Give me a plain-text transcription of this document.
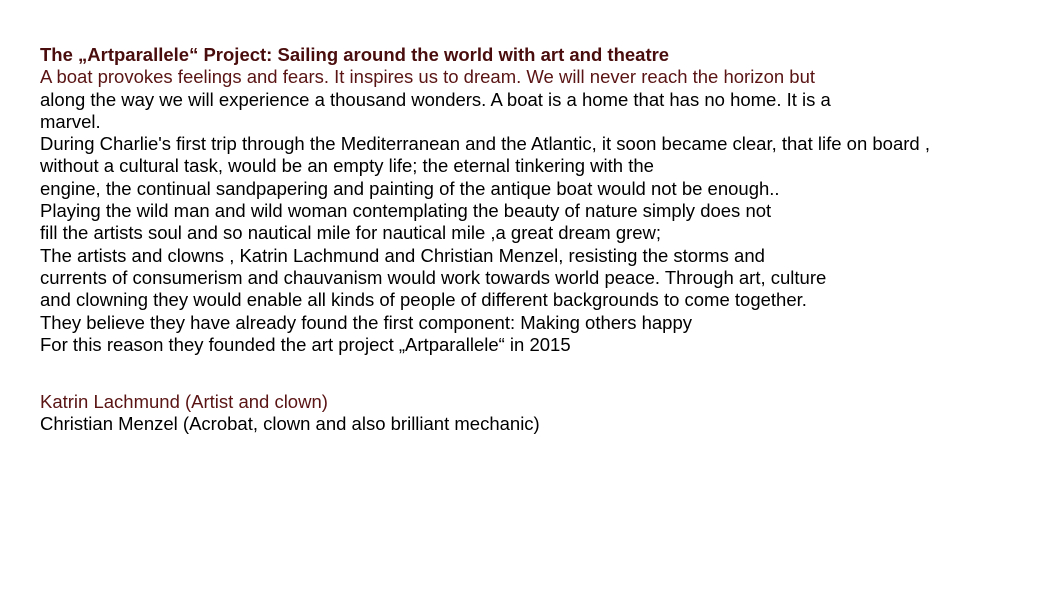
The „Artparallele“ Project: Sailing around the world with art and theatre
A boat provokes feelings and fears. It inspires us to dream. We will never reach the horizon but
along the way we will experience a thousand wonders. A boat is a home that has no home. It is a
marvel.
During Charlie's first trip through the Mediterranean and the Atlantic, it soon became clear, that life on board ,
without a cultural task, would be an empty life; the eternal tinkering with the
engine, the continual sandpapering and painting of the antique boat would not be enough..
Playing the wild man and wild woman contemplating the beauty of nature simply does not
fill the artists soul and so nautical mile for nautical mile ,a great dream grew;
The artists and clowns , Katrin Lachmund and Christian Menzel, resisting the storms and
currents of consumerism and chauvanism would work towards world peace. Through art, culture
and clowning they would enable all kinds of people of different backgrounds to come together.
They believe they have already found the first component: Making others happy
For this reason they founded the art project „Artparallele“ in 2015
Katrin Lachmund (Artist and clown)
Christian Menzel (Acrobat, clown and also brilliant mechanic)
